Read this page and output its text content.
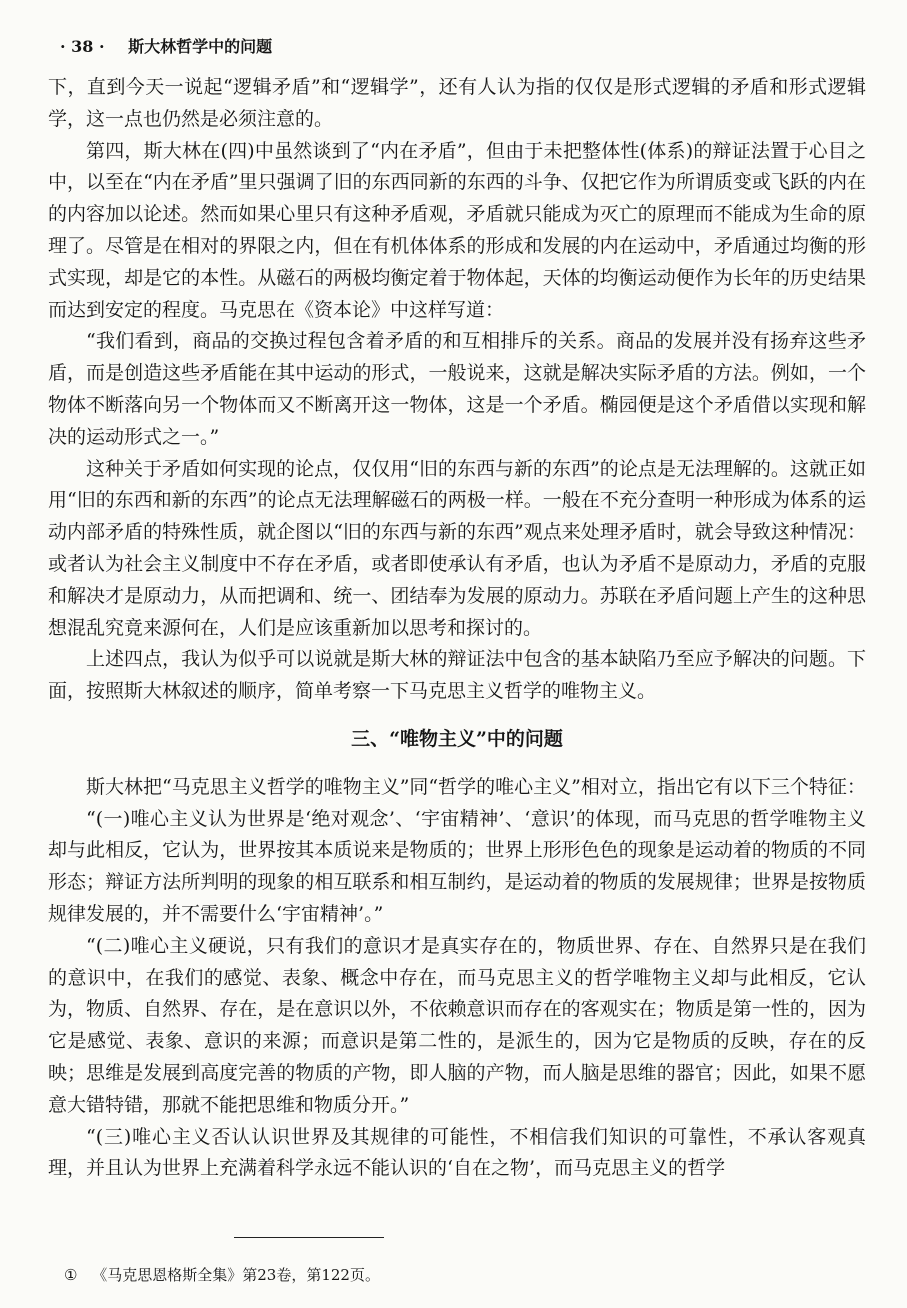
· 38 · 斯大林哲学中的问题

下，直到今天一说起“逻辑矛盾”和“逻辑学”，还有人认为指的仅仅是形式逻辑的矛盾和形式逻辑学，这一点也仍然是必须注意的。

第四，斯大林在(四)中虽然谈到了“内在矛盾”，但由于未把整体性(体系)的辩证法置于心目之中，以至在“内在矛盾”里只强调了旧的东西同新的东西的斗争、仅把它作为所谓质变或飞跃的内在的内容加以论述。然而如果心里只有这种矛盾观，矛盾就只能成为灭亡的原理而不能成为生命的原理了。尽管是在相对的界限之内，但在有机体体系的形成和发展的内在运动中，矛盾通过均衡的形式实现，却是它的本性。从磁石的两极均衡定着于物体起，天体的均衡运动便作为长年的历史结果而达到安定的程度。马克思在《资本论》中这样写道：

“我们看到，商品的交换过程包含着矛盾的和互相排斥的关系。商品的发展并没有扬弃这些矛盾，而是创造这些矛盾能在其中运动的形式，一般说来，这就是解决实际矛盾的方法。例如，一个物体不断落向另一个物体而又不断离开这一物体，这是一个矛盾。椭园便是这个矛盾借以实现和解决的运动形式之一。”

这种关于矛盾如何实现的论点，仅仅用“旧的东西与新的东西”的论点是无法理解的。这就正如用“旧的东西和新的东西”的论点无法理解磁石的两极一样。一般在不充分查明一种形成为体系的运动内部矛盾的特殊性质，就企图以“旧的东西与新的东西”观点来处理矛盾时，就会导致这种情况：或者认为社会主义制度中不存在矛盾，或者即使承认有矛盾，也认为矛盾不是原动力，矛盾的克服和解决才是原动力，从而把调和、统一、团结奉为发展的原动力。苏联在矛盾问题上产生的这种思想混乱究竟来源何在，人们是应该重新加以思考和探讨的。

上述四点，我认为似乎可以说就是斯大林的辩证法中包含的基本缺陷乃至应予解决的问题。下面，按照斯大林叙述的顺序，简单考察一下马克思主义哲学的唯物主义。

三、“唯物主义”中的问题

斯大林把“马克思主义哲学的唯物主义”同“哲学的唯心主义”相对立，指出它有以下三个特征：

“(一)唯心主义认为世界是‘绝对观念’、‘宇宙精神’、‘意识’的体现，而马克思的哲学唯物主义却与此相反，它认为，世界按其本质说来是物质的；世界上形形色色的现象是运动着的物质的不同形态；辩证方法所判明的现象的相互联系和相互制约，是运动着的物质的发展规律；世界是按物质规律发展的，并不需要什么‘宇宙精神’。”

“(二)唯心主义硬说，只有我们的意识才是真实存在的，物质世界、存在、自然界只是在我们的意识中，在我们的感觉、表象、概念中存在，而马克思主义的哲学唯物主义却与此相反，它认为，物质、自然界、存在，是在意识以外，不依赖意识而存在的客观实在；物质是第一性的，因为它是感觉、表象、意识的来源；而意识是第二性的，是派生的，因为它是物质的反映，存在的反映；思维是发展到高度完善的物质的产物，即人脑的产物，而人脑是思维的器官；因此，如果不愿意大错特错，那就不能把思维和物质分开。”

“(三)唯心主义否认认识世界及其规律的可能性，不相信我们知识的可靠性，不承认客观真理，并且认为世界上充满着科学永远不能认识的‘自在之物’，而马克思主义的哲学

① 《马克思恩格斯全集》第23卷，第122页。
